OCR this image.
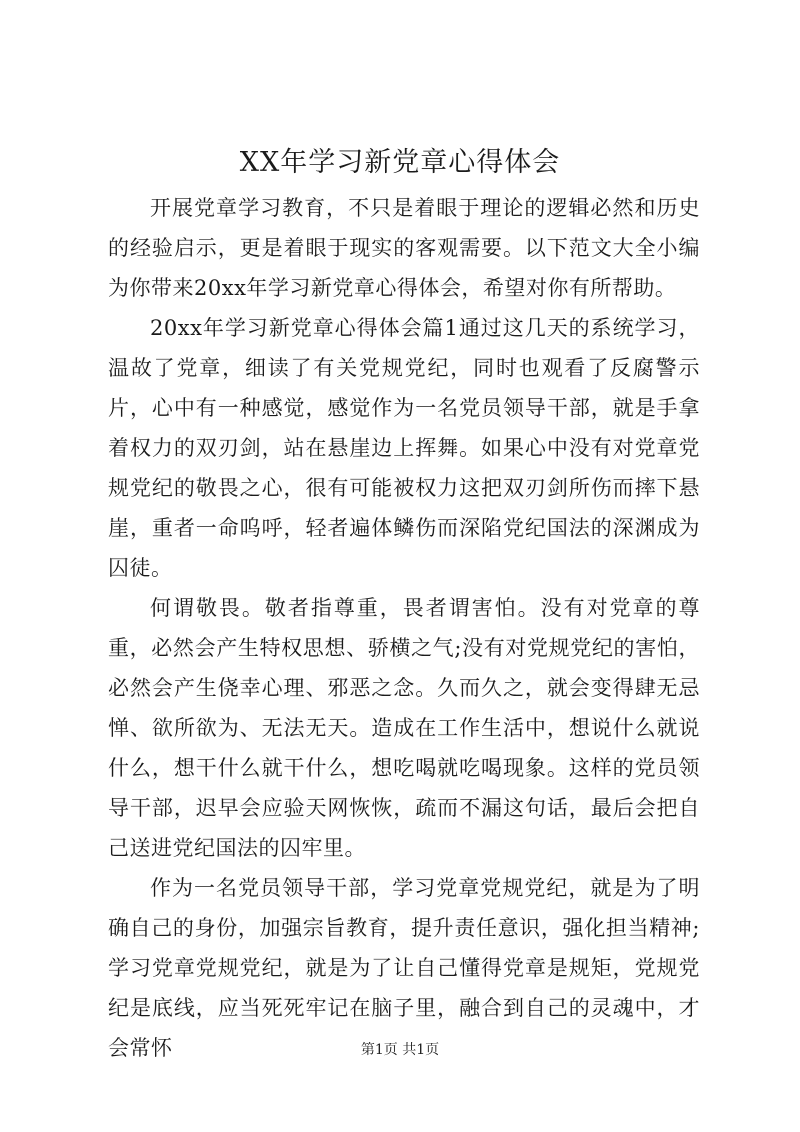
XX年学习新党章心得体会

开展党章学习教育，不只是着眼于理论的逻辑必然和历史的经验启示，更是着眼于现实的客观需要。以下范文大全小编为你带来20xx年学习新党章心得体会，希望对你有所帮助。

20xx年学习新党章心得体会篇1通过这几天的系统学习，温故了党章，细读了有关党规党纪，同时也观看了反腐警示片，心中有一种感觉，感觉作为一名党员领导干部，就是手拿着权力的双刃剑，站在悬崖边上挥舞。如果心中没有对党章党规党纪的敬畏之心，很有可能被权力这把双刃剑所伤而摔下悬崖，重者一命呜呼，轻者遍体鳞伤而深陷党纪国法的深渊成为囚徒。

何谓敬畏。敬者指尊重，畏者谓害怕。没有对党章的尊重，必然会产生特权思想、骄横之气;没有对党规党纪的害怕，必然会产生侥幸心理、邪恶之念。久而久之，就会变得肆无忌惮、欲所欲为、无法无天。造成在工作生活中，想说什么就说什么，想干什么就干什么，想吃喝就吃喝现象。这样的党员领导干部，迟早会应验天网恢恢，疏而不漏这句话，最后会把自己送进党纪国法的囚牢里。

作为一名党员领导干部，学习党章党规党纪，就是为了明确自己的身份，加强宗旨教育，提升责任意识，强化担当精神;学习党章党规党纪，就是为了让自己懂得党章是规矩，党规党纪是底线，应当死死牢记在脑子里，融合到自己的灵魂中，才会常怀	第1页 共1页
